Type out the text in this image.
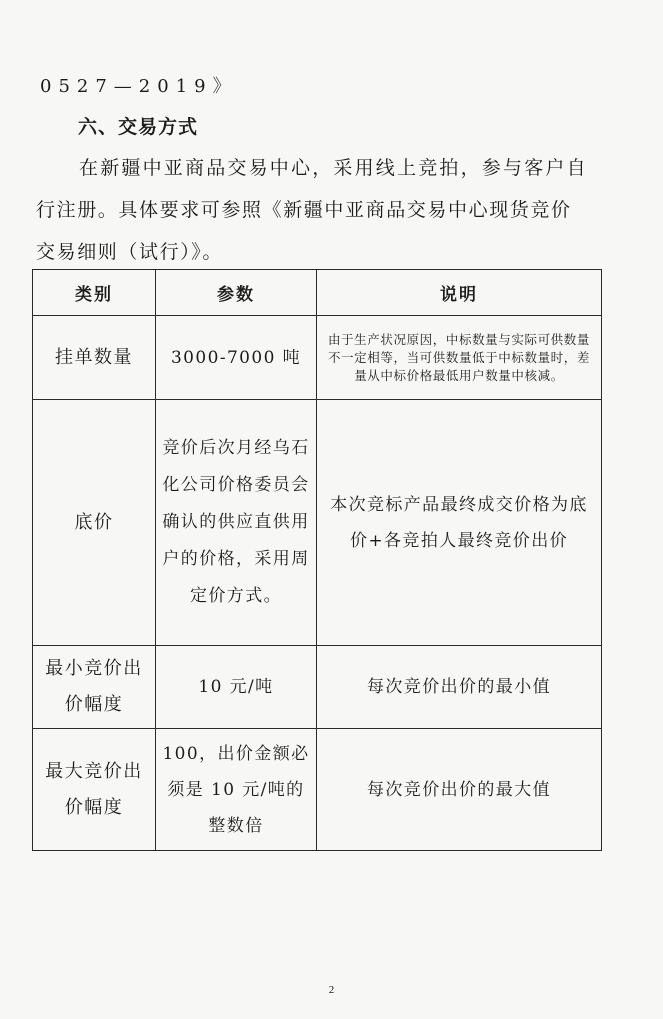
0527—2019》
六、交易方式
在新疆中亚商品交易中心，采用线上竞拍，参与客户自
行注册。具体要求可参照《新疆中亚商品交易中心现货竞价
交易细则（试行）》。
类别	参数	说明
挂单数量	3000-7000 吨	由于生产状况原因，中标数量与实际可供数量不一定相等，当可供数量低于中标数量时，差量从中标价格最低用户数量中核减。
底价	竞价后次月经乌石化公司价格委员会确认的供应直供用户的价格，采用周定价方式。	本次竞标产品最终成交价格为底价+各竞拍人最终竞价出价
最小竞价出价幅度	10 元/吨	每次竞价出价的最小值
最大竞价出价幅度	100，出价金额必须是 10 元/吨的整数倍	每次竞价出价的最大值
2
